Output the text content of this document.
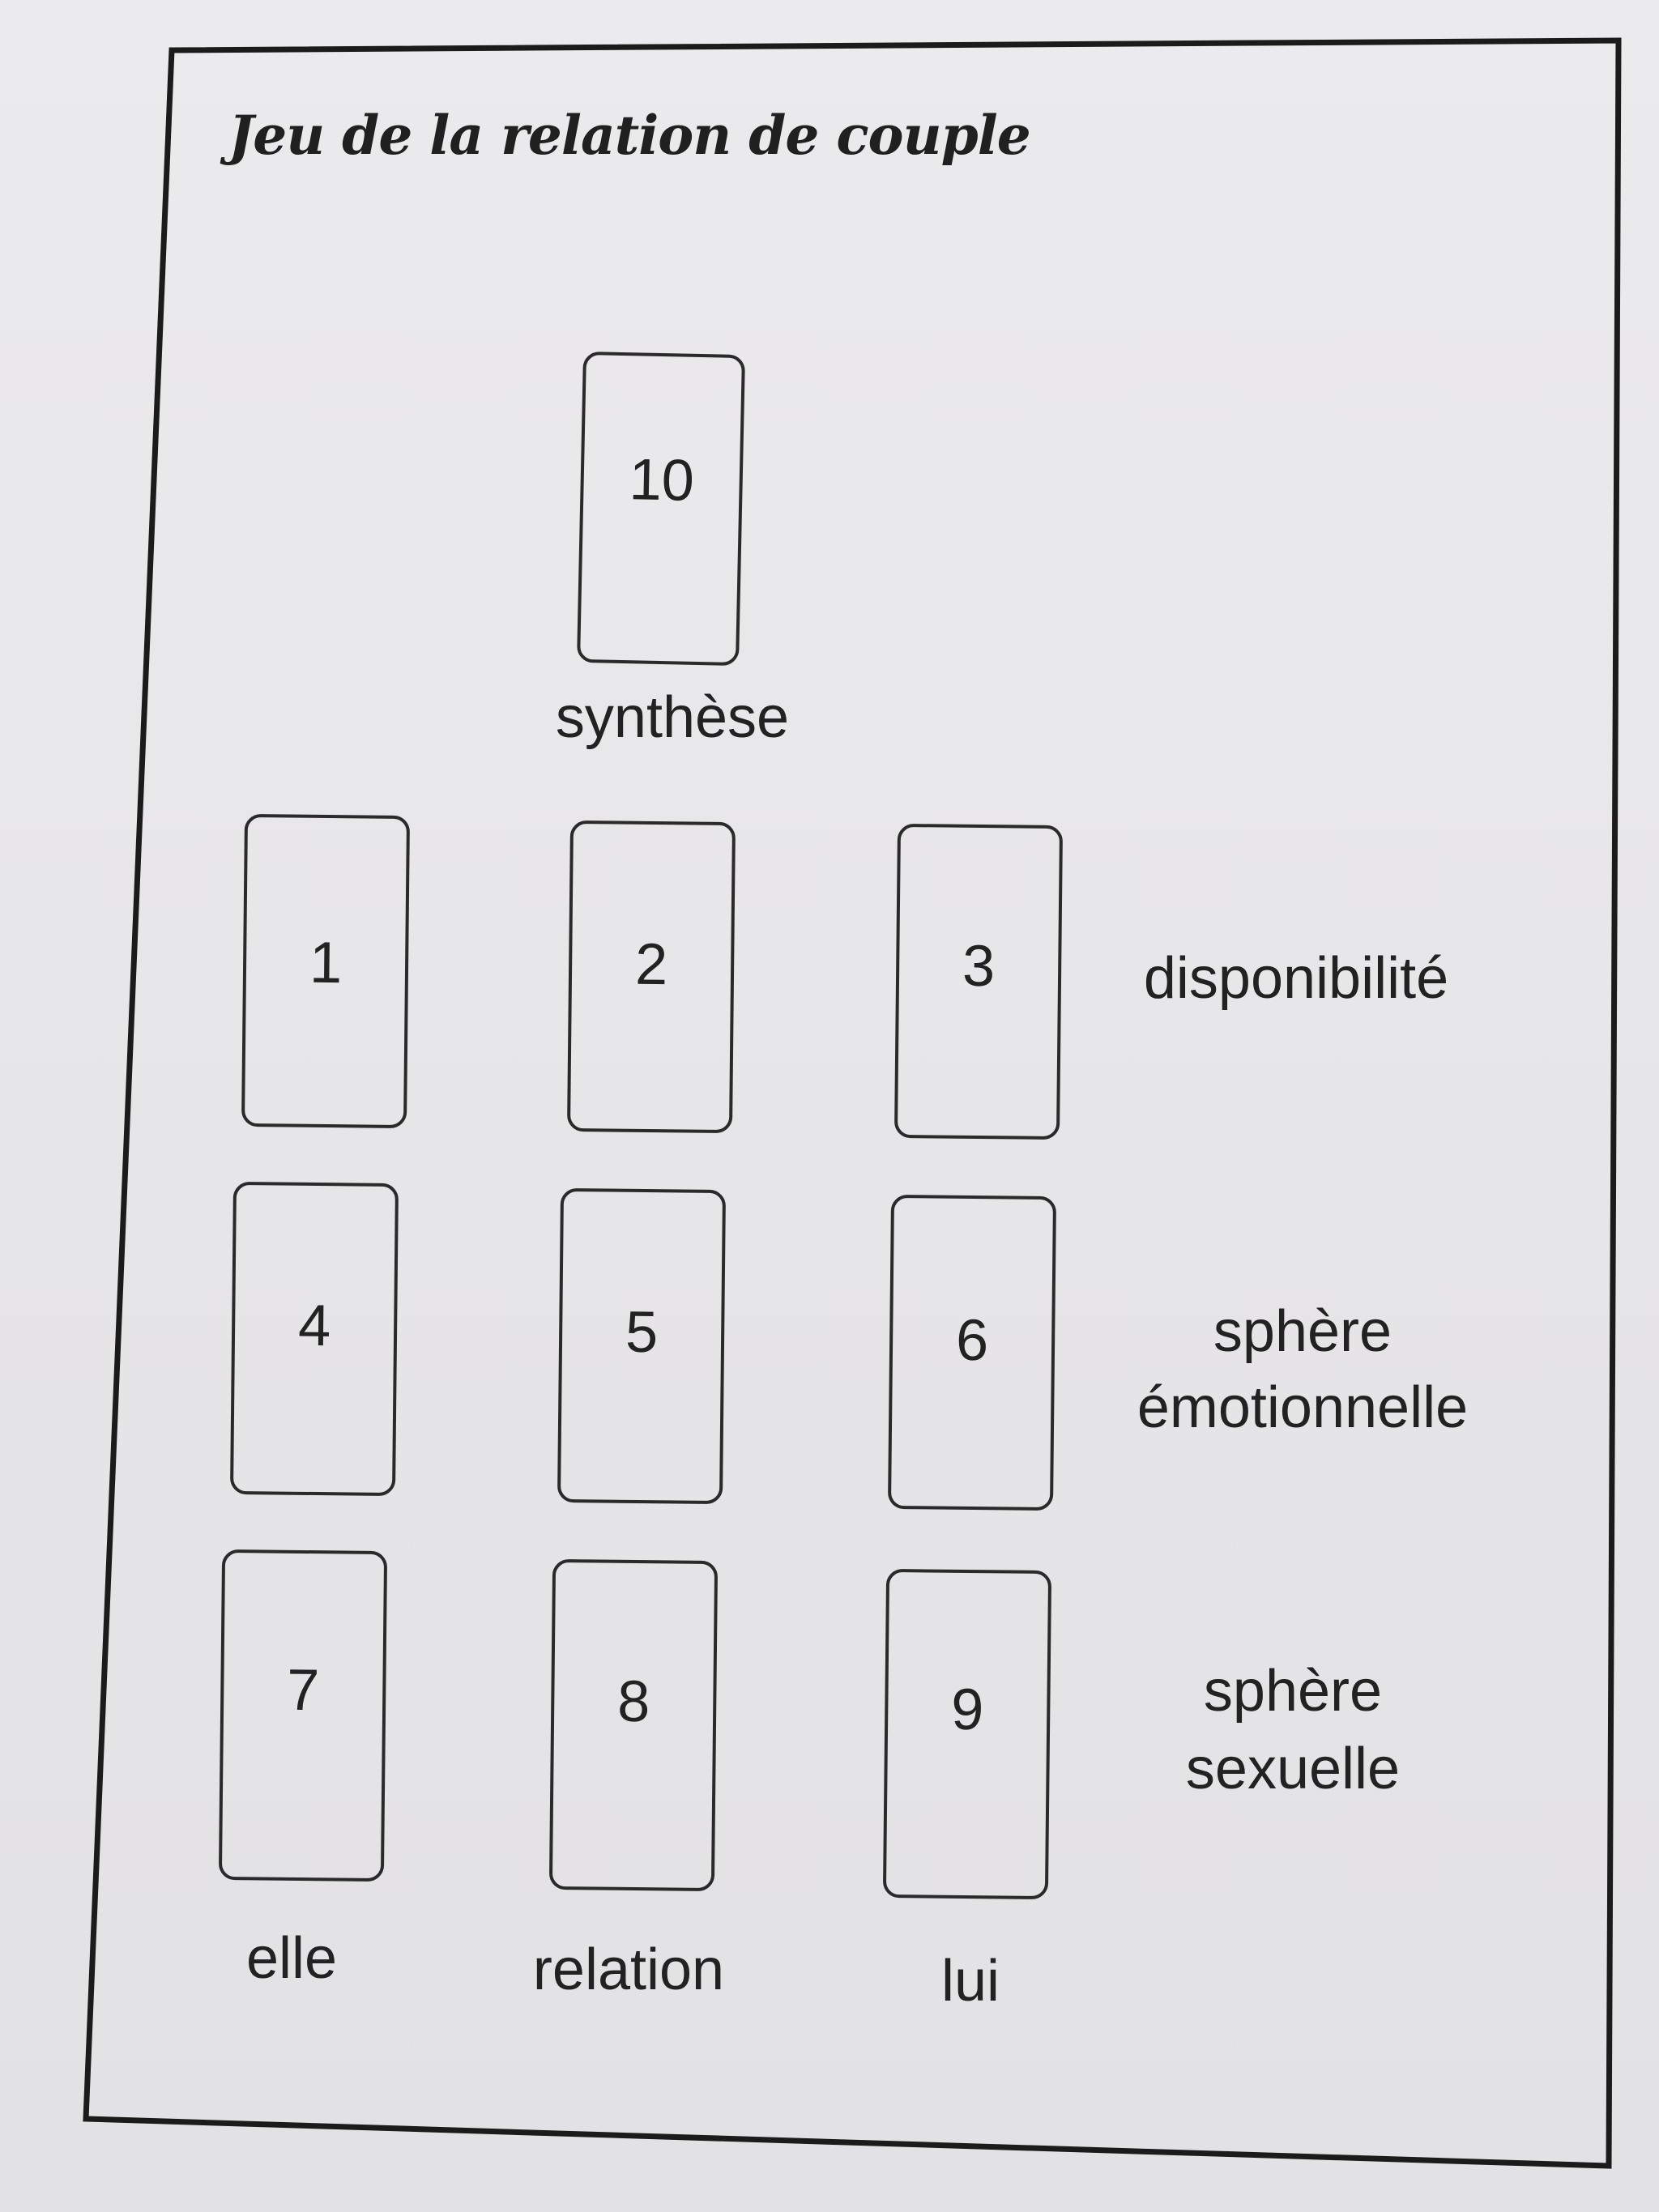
Jeu de la relation de couple
10
synthèse
1	2	3	disponibilité
4	5	6	sphère
émotionnelle
7	8	9	sphère
sexuelle
elle	relation	lui
